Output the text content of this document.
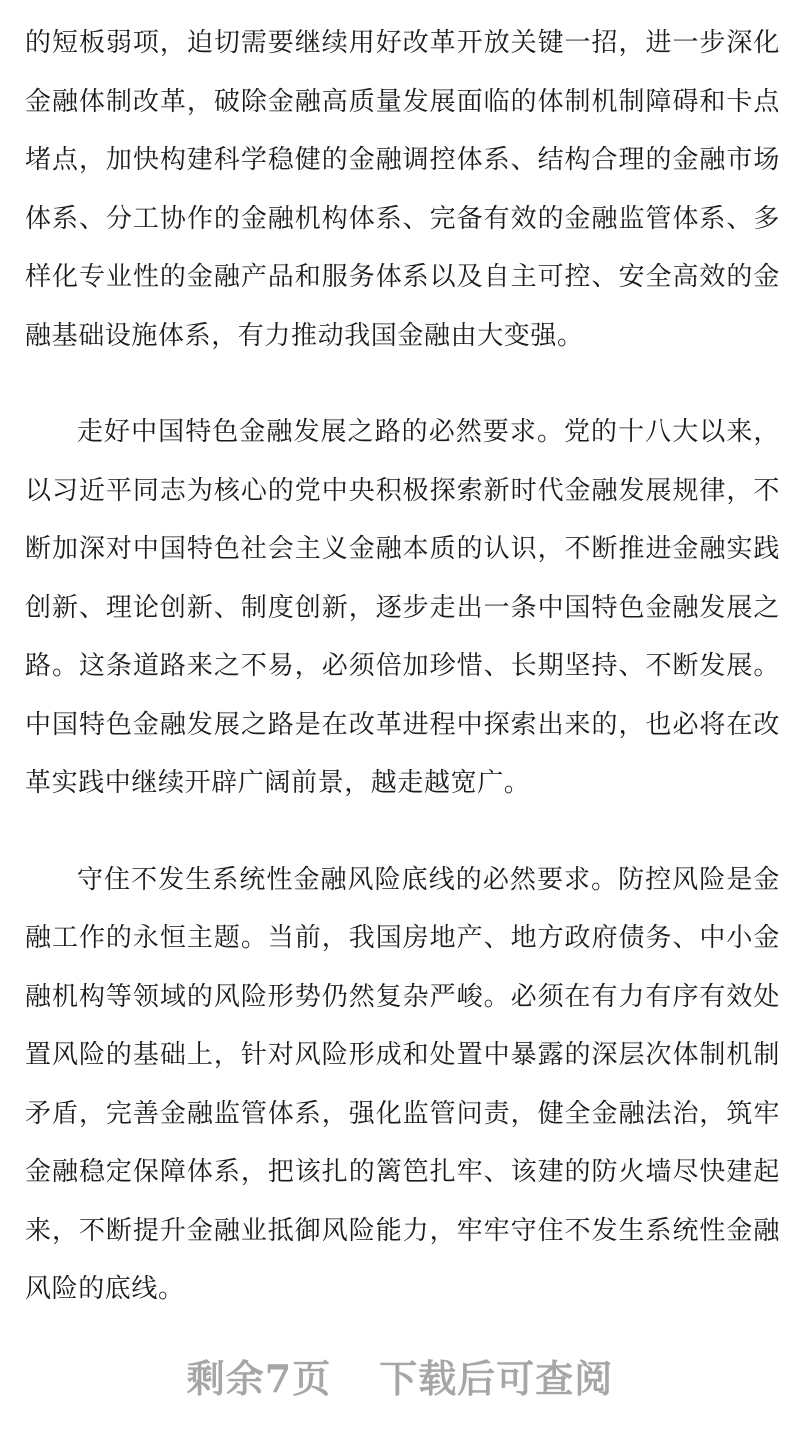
的短板弱项，迫切需要继续用好改革开放关键一招，进一步深化金融体制改革，破除金融高质量发展面临的体制机制障碍和卡点堵点，加快构建科学稳健的金融调控体系、结构合理的金融市场体系、分工协作的金融机构体系、完备有效的金融监管体系、多样化专业性的金融产品和服务体系以及自主可控、安全高效的金融基础设施体系，有力推动我国金融由大变强。

走好中国特色金融发展之路的必然要求。党的十八大以来，以习近平同志为核心的党中央积极探索新时代金融发展规律，不断加深对中国特色社会主义金融本质的认识，不断推进金融实践创新、理论创新、制度创新，逐步走出一条中国特色金融发展之路。这条道路来之不易，必须倍加珍惜、长期坚持、不断发展。中国特色金融发展之路是在改革进程中探索出来的，也必将在改革实践中继续开辟广阔前景，越走越宽广。

守住不发生系统性金融风险底线的必然要求。防控风险是金融工作的永恒主题。当前，我国房地产、地方政府债务、中小金融机构等领域的风险形势仍然复杂严峻。必须在有力有序有效处置风险的基础上，针对风险形成和处置中暴露的深层次体制机制矛盾，完善金融监管体系，强化监管问责，健全金融法治，筑牢金融稳定保障体系，把该扎的篱笆扎牢、该建的防火墙尽快建起来，不断提升金融业抵御风险能力，牢牢守住不发生系统性金融风险的底线。

剩余7页 下载后可查阅
